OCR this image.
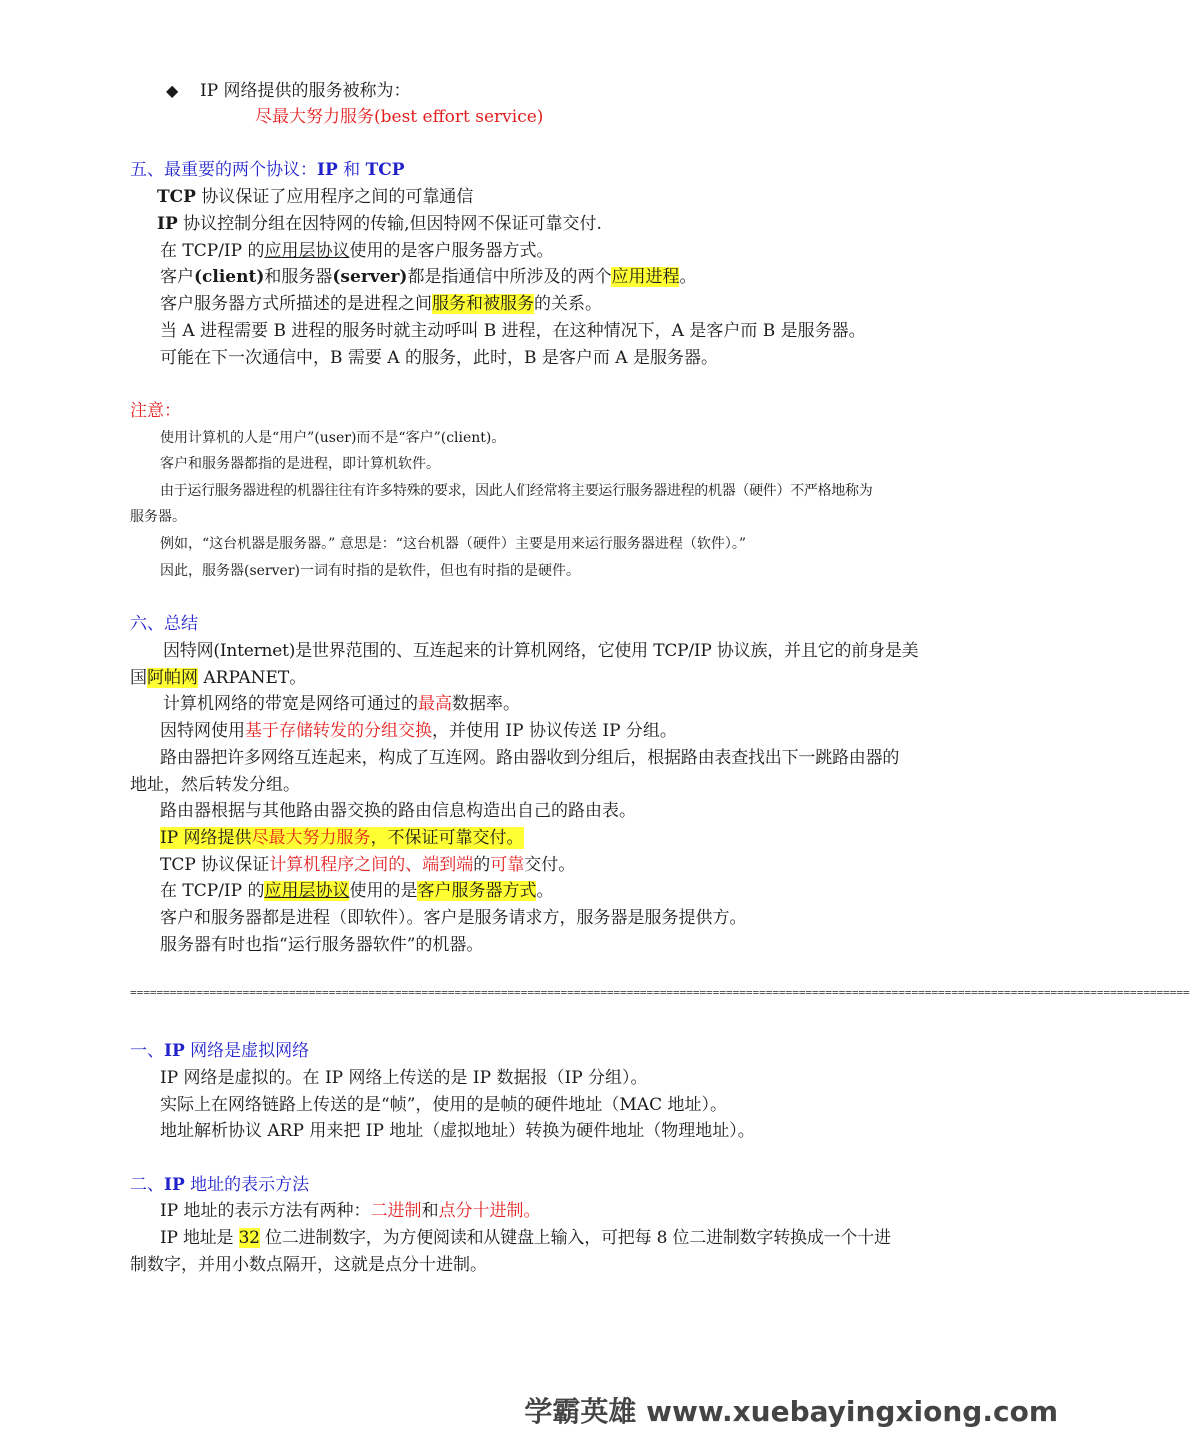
◆ IP 网络提供的服务被称为：
尽最大努力服务(best effort service)
五、最重要的两个协议：IP 和 TCP
TCP 协议保证了应用程序之间的可靠通信
IP 协议控制分组在因特网的传输,但因特网不保证可靠交付.
在 TCP/IP 的应用层协议使用的是客户服务器方式。
客户(client)和服务器(server)都是指通信中所涉及的两个应用进程。
客户服务器方式所描述的是进程之间服务和被服务的关系。
当 A 进程需要 B 进程的服务时就主动呼叫 B 进程，在这种情况下，A 是客户而 B 是服务器。
可能在下一次通信中，B 需要 A 的服务，此时，B 是客户而 A 是服务器。
注意：
使用计算机的人是“用户”(user)而不是“客户”(client)。
客户和服务器都指的是进程，即计算机软件。
由于运行服务器进程的机器往往有许多特殊的要求，因此人们经常将主要运行服务器进程的机器（硬件）不严格地称为
服务器。
例如，“这台机器是服务器。” 意思是：“这台机器（硬件）主要是用来运行服务器进程（软件）。”
因此，服务器(server)一词有时指的是软件，但也有时指的是硬件。
六、总结
因特网(Internet)是世界范围的、互连起来的计算机网络，它使用 TCP/IP 协议族，并且它的前身是美
国阿帕网 ARPANET。
计算机网络的带宽是网络可通过的最高数据率。
因特网使用基于存储转发的分组交换，并使用 IP 协议传送 IP 分组。
路由器把许多网络互连起来，构成了互连网。路由器收到分组后，根据路由表查找出下一跳路由器的
地址，然后转发分组。
路由器根据与其他路由器交换的路由信息构造出自己的路由表。
IP 网络提供尽最大努力服务，不保证可靠交付。
TCP 协议保证计算机程序之间的、端到端的可靠交付。
在 TCP/IP 的应用层协议使用的是客户服务器方式。
客户和服务器都是进程（即软件）。客户是服务请求方，服务器是服务提供方。
服务器有时也指“运行服务器软件”的机器。
================================================================================================================================================================
一、IP 网络是虚拟网络
IP 网络是虚拟的。在 IP 网络上传送的是 IP 数据报（IP 分组）。
实际上在网络链路上传送的是“帧”，使用的是帧的硬件地址（MAC 地址）。
地址解析协议 ARP 用来把 IP 地址（虚拟地址）转换为硬件地址（物理地址）。
二、IP 地址的表示方法
IP 地址的表示方法有两种：二进制和点分十进制。
IP 地址是 32 位二进制数字，为方便阅读和从键盘上输入，可把每 8 位二进制数字转换成一个十进
制数字，并用小数点隔开，这就是点分十进制。
学霸英雄 www.xuebayingxiong.com
